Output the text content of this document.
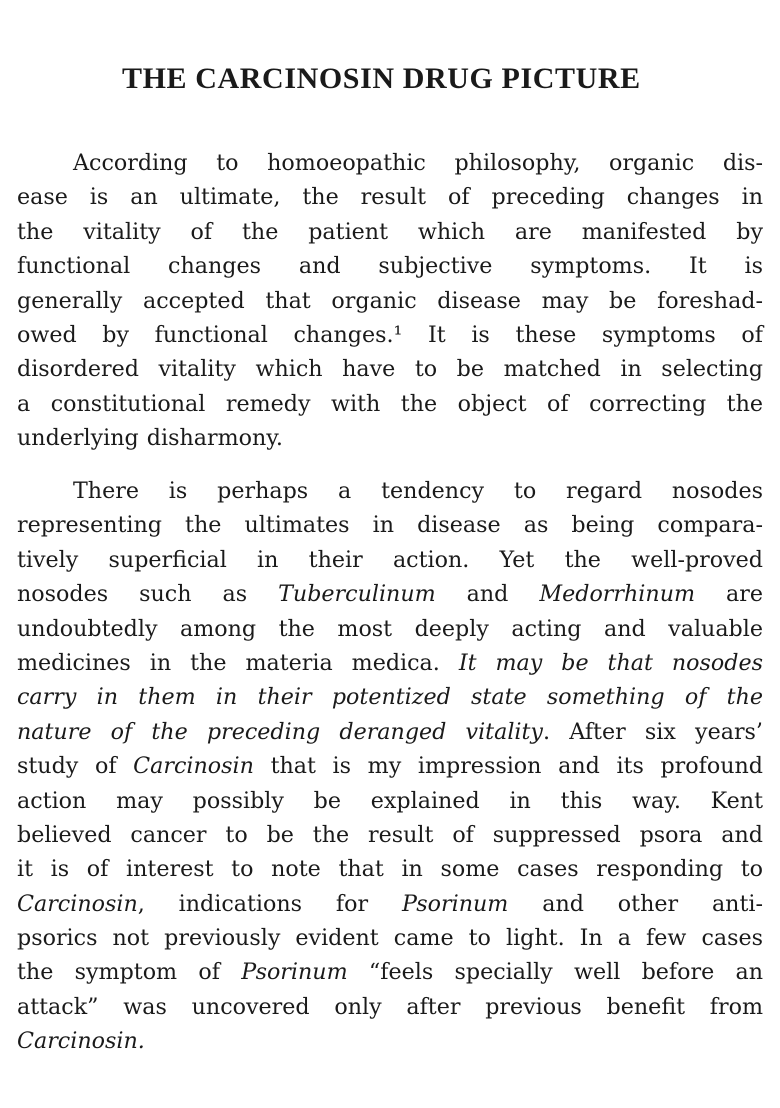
THE CARCINOSIN DRUG PICTURE
According to homoeopathic philosophy, organic dis-
ease is an ultimate, the result of preceding changes in
the vitality of the patient which are manifested by
functional changes and subjective symptoms. It is
generally accepted that organic disease may be foreshad-
owed by functional changes.¹ It is these symptoms of
disordered vitality which have to be matched in selecting
a constitutional remedy with the object of correcting the
underlying disharmony.
There is perhaps a tendency to regard nosodes
representing the ultimates in disease as being compara-
tively superficial in their action. Yet the well-proved
nosodes such as Tuberculinum and Medorrhinum are
undoubtedly among the most deeply acting and valuable
medicines in the materia medica. It may be that nosodes
carry in them in their potentized state something of the
nature of the preceding deranged vitality. After six years’
study of Carcinosin that is my impression and its profound
action may possibly be explained in this way. Kent
believed cancer to be the result of suppressed psora and
it is of interest to note that in some cases responding to
Carcinosin, indications for Psorinum and other anti-
psorics not previously evident came to light. In a few cases
the symptom of Psorinum “feels specially well before an
attack” was uncovered only after previous benefit from
Carcinosin.
